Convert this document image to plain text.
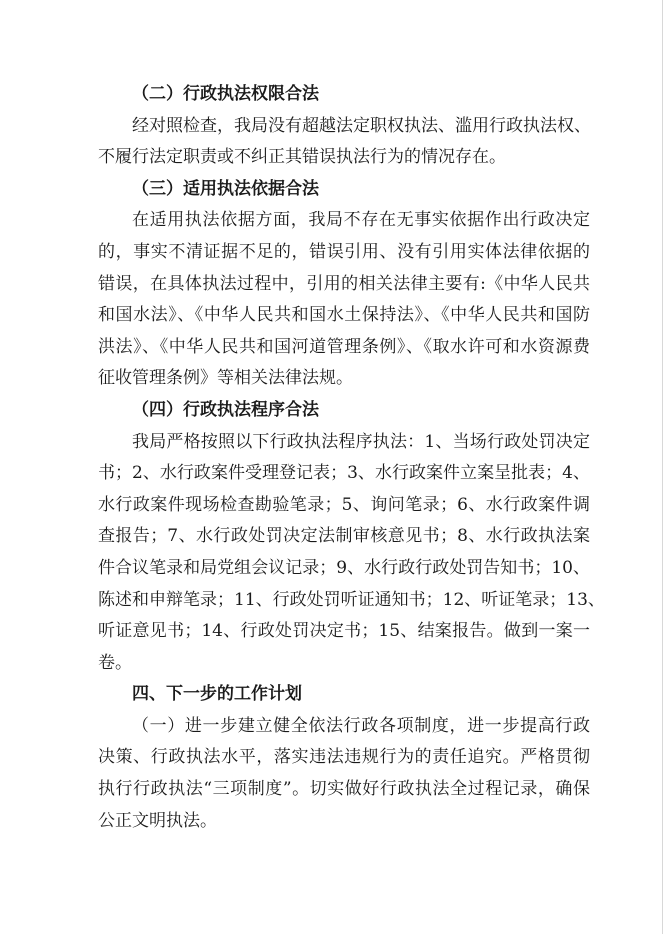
（二）行政执法权限合法
经对照检查，我局没有超越法定职权执法、滥用行政执法权、
不履行法定职责或不纠正其错误执法行为的情况存在。
（三）适用执法依据合法
在适用执法依据方面，我局不存在无事实依据作出行政决定
的，事实不清证据不足的，错误引用、没有引用实体法律依据的
错误，在具体执法过程中，引用的相关法律主要有:《中华人民共
和国水法》、《中华人民共和国水土保持法》、《中华人民共和国防
洪法》、《中华人民共和国河道管理条例》、《取水许可和水资源费
征收管理条例》等相关法律法规。
（四）行政执法程序合法
我局严格按照以下行政执法程序执法：1、当场行政处罚决定
书；2、水行政案件受理登记表；3、水行政案件立案呈批表；4、
水行政案件现场检查勘验笔录；5、询问笔录；6、水行政案件调
查报告；7、水行政处罚决定法制审核意见书；8、水行政执法案
件合议笔录和局党组会议记录；9、水行政行政处罚告知书；10、
陈述和申辩笔录；11、行政处罚听证通知书；12、听证笔录；13、
听证意见书；14、行政处罚决定书；15、结案报告。做到一案一
卷。
四、下一步的工作计划
（一）进一步建立健全依法行政各项制度，进一步提高行政
决策、行政执法水平，落实违法违规行为的责任追究。严格贯彻
执行行政执法“三项制度”。切实做好行政执法全过程记录，确保
公正文明执法。
